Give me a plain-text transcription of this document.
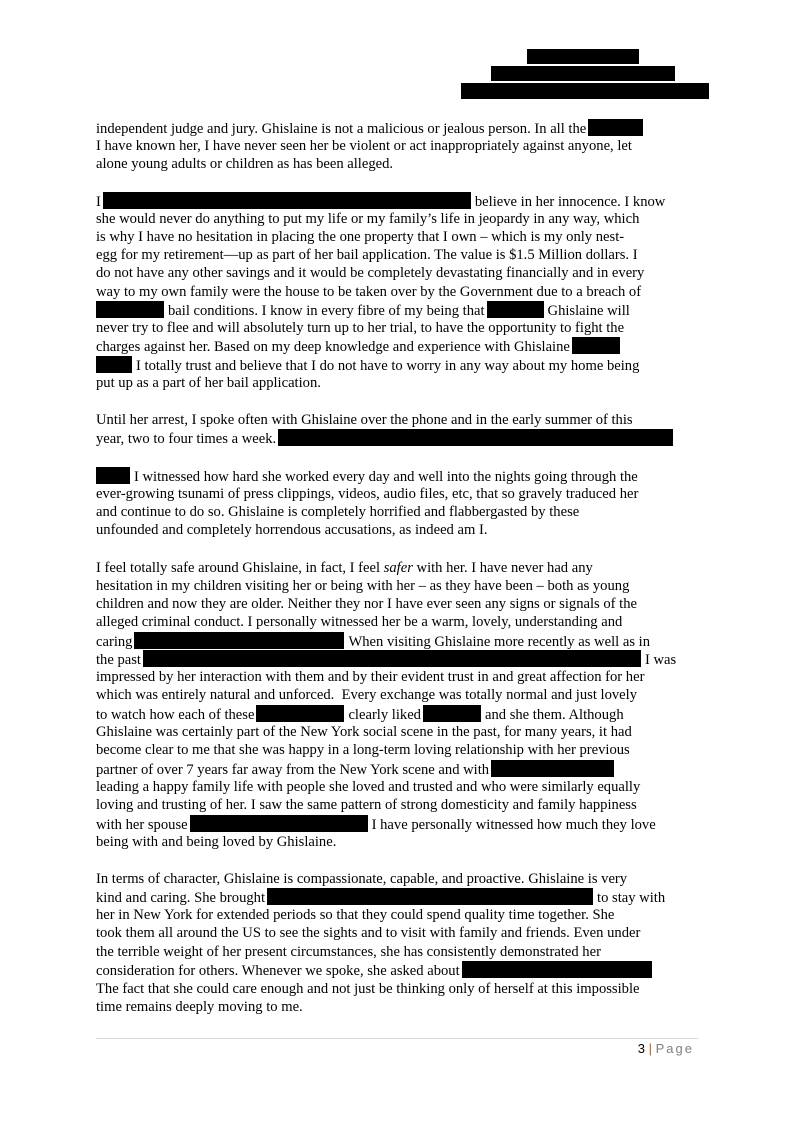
independent judge and jury. Ghislaine is not a malicious or jealous person. In all the
I have known her, I have never seen her be violent or act inappropriately against anyone, let
alone young adults or children as has been alleged.
I	believe in her innocence. I know
she would never do anything to put my life or my family’s life in jeopardy in any way, which
is why I have no hesitation in placing the one property that I own – which is my only nest-
egg for my retirement—up as part of her bail application. The value is $1.5 Million dollars. I
do not have any other savings and it would be completely devastating financially and in every
way to my own family were the house to be taken over by the Government due to a breach of
bail conditions. I know in every fibre of my being that	Ghislaine will
never try to flee and will absolutely turn up to her trial, to have the opportunity to fight the
charges against her. Based on my deep knowledge and experience with Ghislaine
I totally trust and believe that I do not have to worry in any way about my home being
put up as a part of her bail application.
Until her arrest, I spoke often with Ghislaine over the phone and in the early summer of this
year, two to four times a week.
I witnessed how hard she worked every day and well into the nights going through the
ever-growing tsunami of press clippings, videos, audio files, etc, that so gravely traduced her
and continue to do so. Ghislaine is completely horrified and flabbergasted by these
unfounded and completely horrendous accusations, as indeed am I.
I feel totally safe around Ghislaine, in fact, I feel safer with her. I have never had any
hesitation in my children visiting her or being with her – as they have been – both as young
children and now they are older. Neither they nor I have ever seen any signs or signals of the
alleged criminal conduct. I personally witnessed her be a warm, lovely, understanding and
caring	When visiting Ghislaine more recently as well as in
the past	I was
impressed by her interaction with them and by their evident trust in and great affection for her
which was entirely natural and unforced.  Every exchange was totally normal and just lovely
to watch how each of these	clearly liked	and she them. Although
Ghislaine was certainly part of the New York social scene in the past, for many years, it had
become clear to me that she was happy in a long-term loving relationship with her previous
partner of over 7 years far away from the New York scene and with
leading a happy family life with people she loved and trusted and who were similarly equally
loving and trusting of her. I saw the same pattern of strong domesticity and family happiness
with her spouse	I have personally witnessed how much they love
being with and being loved by Ghislaine.
In terms of character, Ghislaine is compassionate, capable, and proactive. Ghislaine is very
kind and caring. She brought	to stay with
her in New York for extended periods so that they could spend quality time together. She
took them all around the US to see the sights and to visit with family and friends. Even under
the terrible weight of her present circumstances, she has consistently demonstrated her
consideration for others. Whenever we spoke, she asked about
The fact that she could care enough and not just be thinking only of herself at this impossible
time remains deeply moving to me.
3 | Page
